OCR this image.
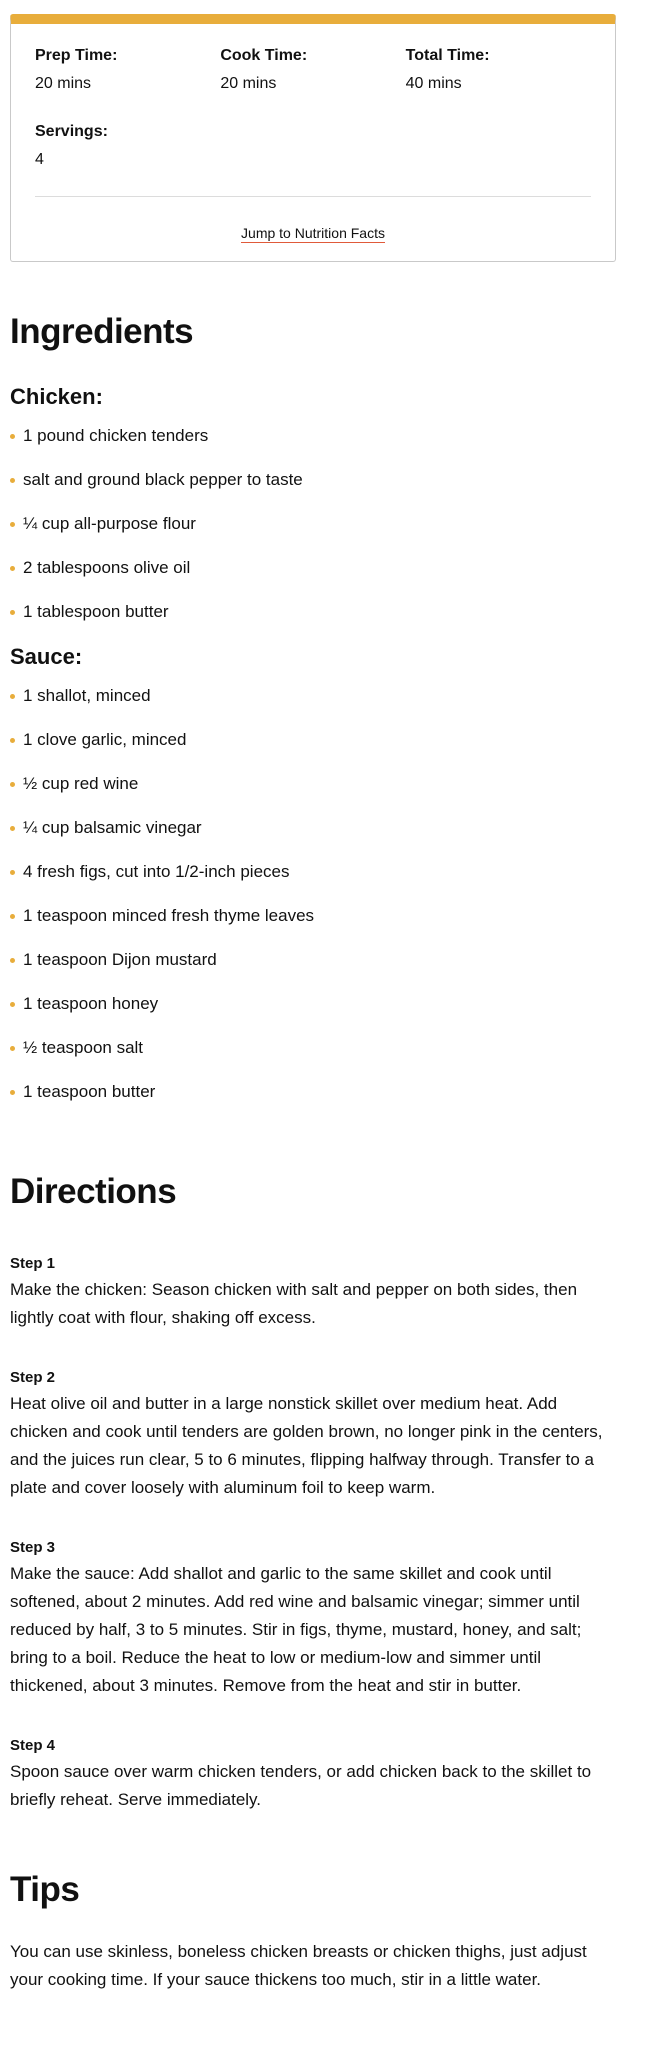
Prep Time:
20 mins
Cook Time:
20 mins
Total Time:
40 mins
Servings:
4
Jump to Nutrition Facts
Ingredients
Chicken:
1 pound chicken tenders
salt and ground black pepper to taste
¼ cup all-purpose flour
2 tablespoons olive oil
1 tablespoon butter
Sauce:
1 shallot, minced
1 clove garlic, minced
½ cup red wine
¼ cup balsamic vinegar
4 fresh figs, cut into 1/2-inch pieces
1 teaspoon minced fresh thyme leaves
1 teaspoon Dijon mustard
1 teaspoon honey
½ teaspoon salt
1 teaspoon butter
Directions
Step 1
Make the chicken: Season chicken with salt and pepper on both sides, then lightly coat with flour, shaking off excess.
Step 2
Heat olive oil and butter in a large nonstick skillet over medium heat. Add chicken and cook until tenders are golden brown, no longer pink in the centers, and the juices run clear, 5 to 6 minutes, flipping halfway through. Transfer to a plate and cover loosely with aluminum foil to keep warm.
Step 3
Make the sauce: Add shallot and garlic to the same skillet and cook until softened, about 2 minutes. Add red wine and balsamic vinegar; simmer until reduced by half, 3 to 5 minutes. Stir in figs, thyme, mustard, honey, and salt; bring to a boil. Reduce the heat to low or medium-low and simmer until thickened, about 3 minutes. Remove from the heat and stir in butter.
Step 4
Spoon sauce over warm chicken tenders, or add chicken back to the skillet to briefly reheat. Serve immediately.
Tips
You can use skinless, boneless chicken breasts or chicken thighs, just adjust your cooking time. If your sauce thickens too much, stir in a little water.
